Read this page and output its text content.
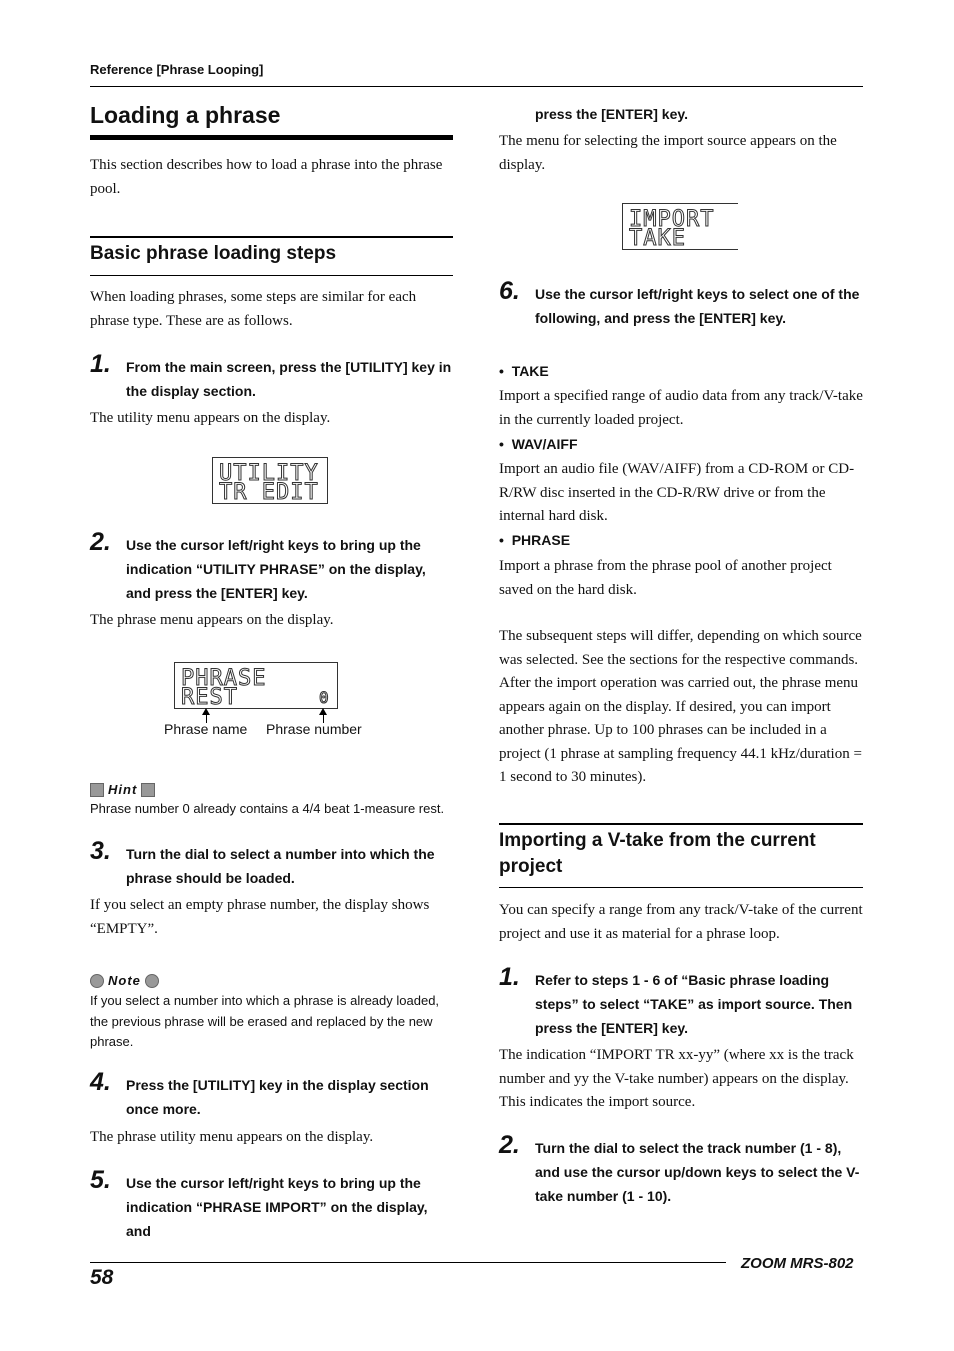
Reference [Phrase Looping]
Loading a phrase
This section describes how to load a phrase into the phrase pool.
Basic phrase loading steps
When loading phrases, some steps are similar for each phrase type. These are as follows.
1. From the main screen, press the [UTILITY] key in the display section.
The utility menu appears on the display.
UTILITY
TR EDIT
2. Use the cursor left/right keys to bring up the indication “UTILITY PHRASE” on the display, and press the [ENTER] key.
The phrase menu appears on the display.
PHRASE
REST	0
Phrase name Phrase number
Hint
Phrase number 0 already contains a 4/4 beat 1-measure rest.
3. Turn the dial to select a number into which the phrase should be loaded.
If you select an empty phrase number, the display shows “EMPTY”.
Note
If you select a number into which a phrase is already loaded, the previous phrase will be erased and replaced by the new phrase.
4. Press the [UTILITY] key in the display section once more.
The phrase utility menu appears on the display.
5. Use the cursor left/right keys to bring up the indication “PHRASE IMPORT” on the display, and
press the [ENTER] key.
The menu for selecting the import source appears on the display.
IMPORT
TAKE
6. Use the cursor left/right keys to select one of the following, and press the [ENTER] key.
•  TAKE
Import a specified range of audio data from any track/V-take in the currently loaded project.
•  WAV/AIFF
Import an audio file (WAV/AIFF) from a CD-ROM or CD-R/RW disc inserted in the CD-R/RW drive or from the internal hard disk.
•  PHRASE
Import a phrase from the phrase pool of another project saved on the hard disk.
The subsequent steps will differ, depending on which source was selected. See the sections for the respective commands. After the import operation was carried out, the phrase menu appears again on the display. If desired, you can import another phrase. Up to 100 phrases can be included in a project (1 phrase at sampling frequency 44.1 kHz/duration = 1 second to 30 minutes).
Importing a V-take from the current project
You can specify a range from any track/V-take of the current project and use it as material for a phrase loop.
1. Refer to steps 1 - 6 of “Basic phrase loading steps” to select “TAKE” as import source. Then press the [ENTER] key.
The indication “IMPORT TR xx-yy” (where xx is the track number and yy the V-take number) appears on the display. This indicates the import source.
2. Turn the dial to select the track number (1 - 8), and use the cursor up/down keys to select the V-take number (1 - 10).
58
ZOOM MRS-802
